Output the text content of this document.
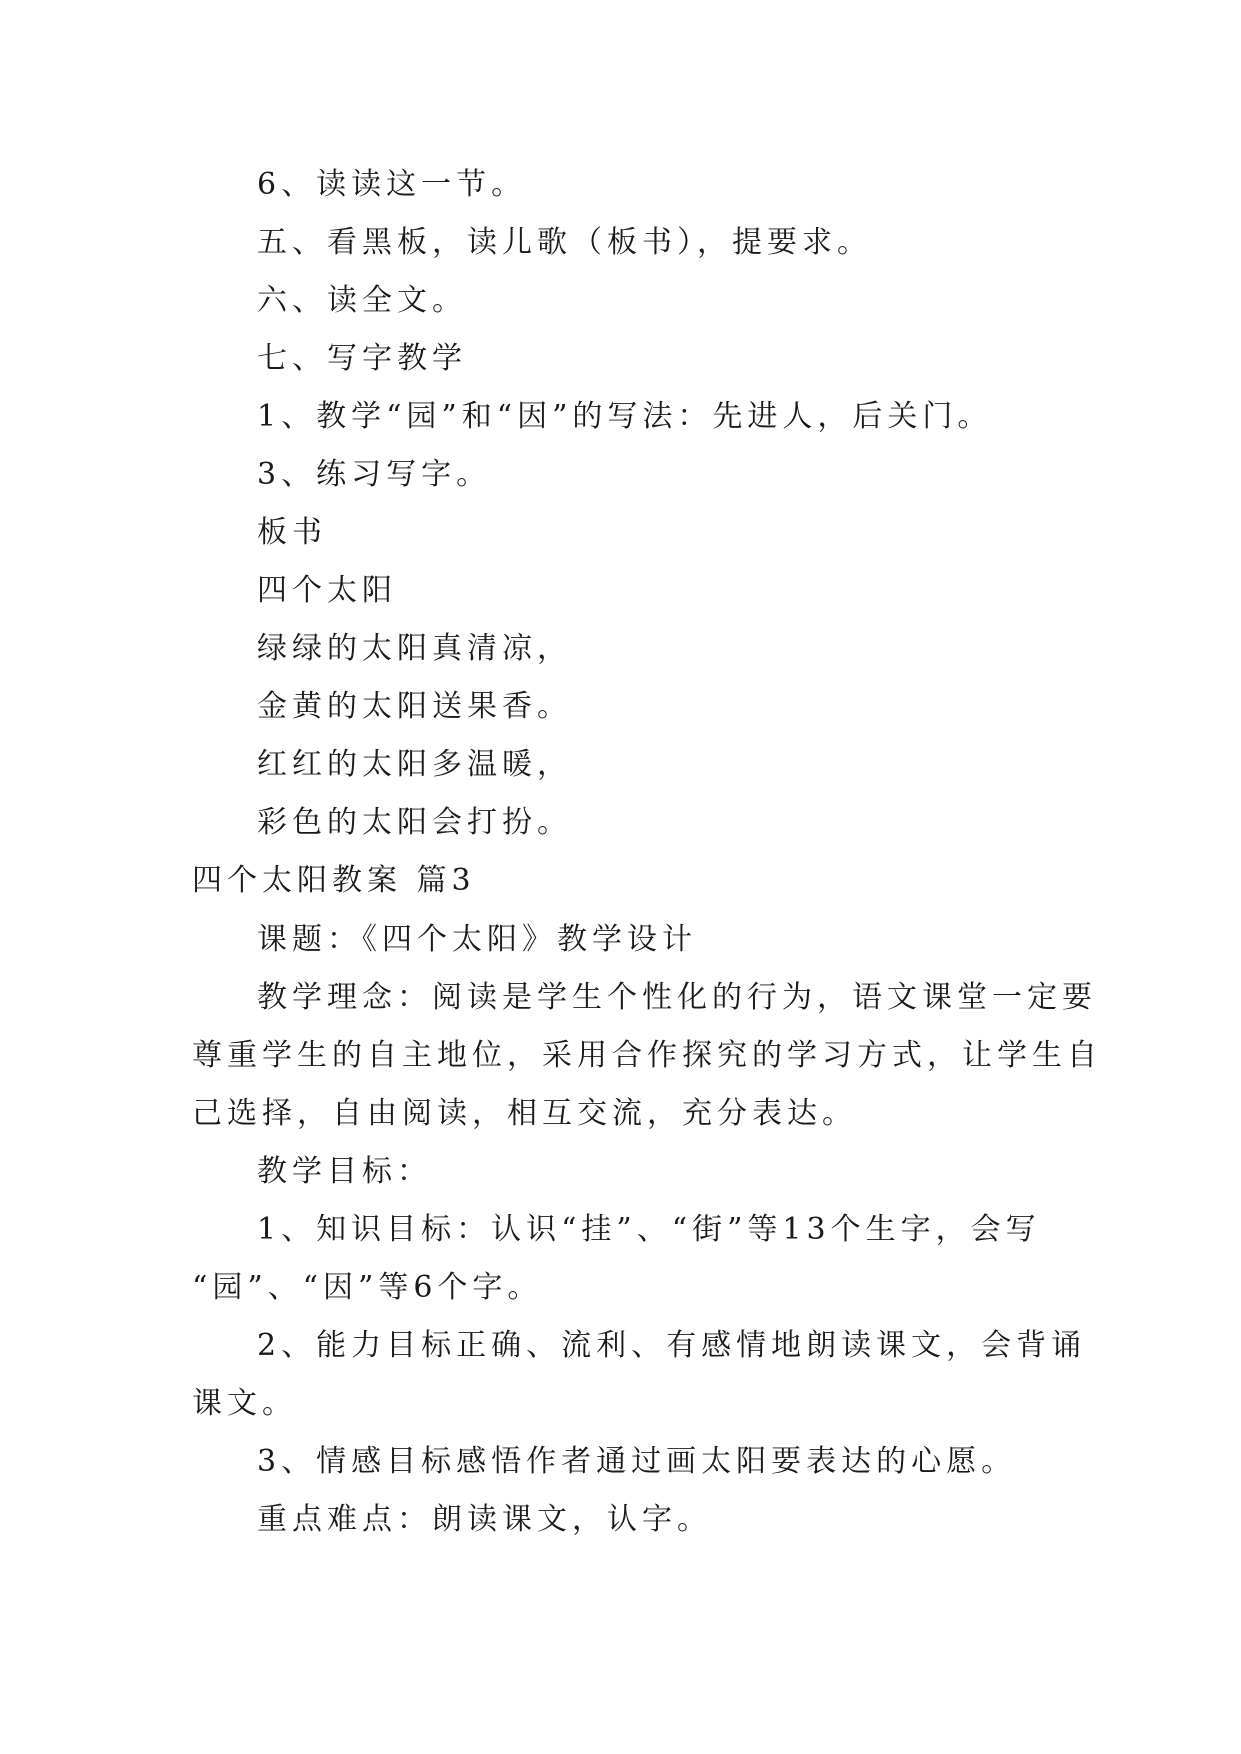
6、读读这一节。
五、看黑板，读儿歌（板书），提要求。
六、读全文。
七、写字教学
1、教学“园”和“因”的写法：先进人，后关门。
3、练习写字。
板书
四个太阳
绿绿的太阳真清凉，
金黄的太阳送果香。
红红的太阳多温暖，
彩色的太阳会打扮。
四个太阳教案 篇3
课题：《四个太阳》教学设计
教学理念：阅读是学生个性化的行为，语文课堂一定要
尊重学生的自主地位，采用合作探究的学习方式，让学生自
己选择，自由阅读，相互交流，充分表达。
教学目标：
1、知识目标：认识“挂”、“街”等13个生字，会写
“园”、“因”等6个字。
2、能力目标正确、流利、有感情地朗读课文，会背诵
课文。
3、情感目标感悟作者通过画太阳要表达的心愿。
重点难点：朗读课文，认字。
